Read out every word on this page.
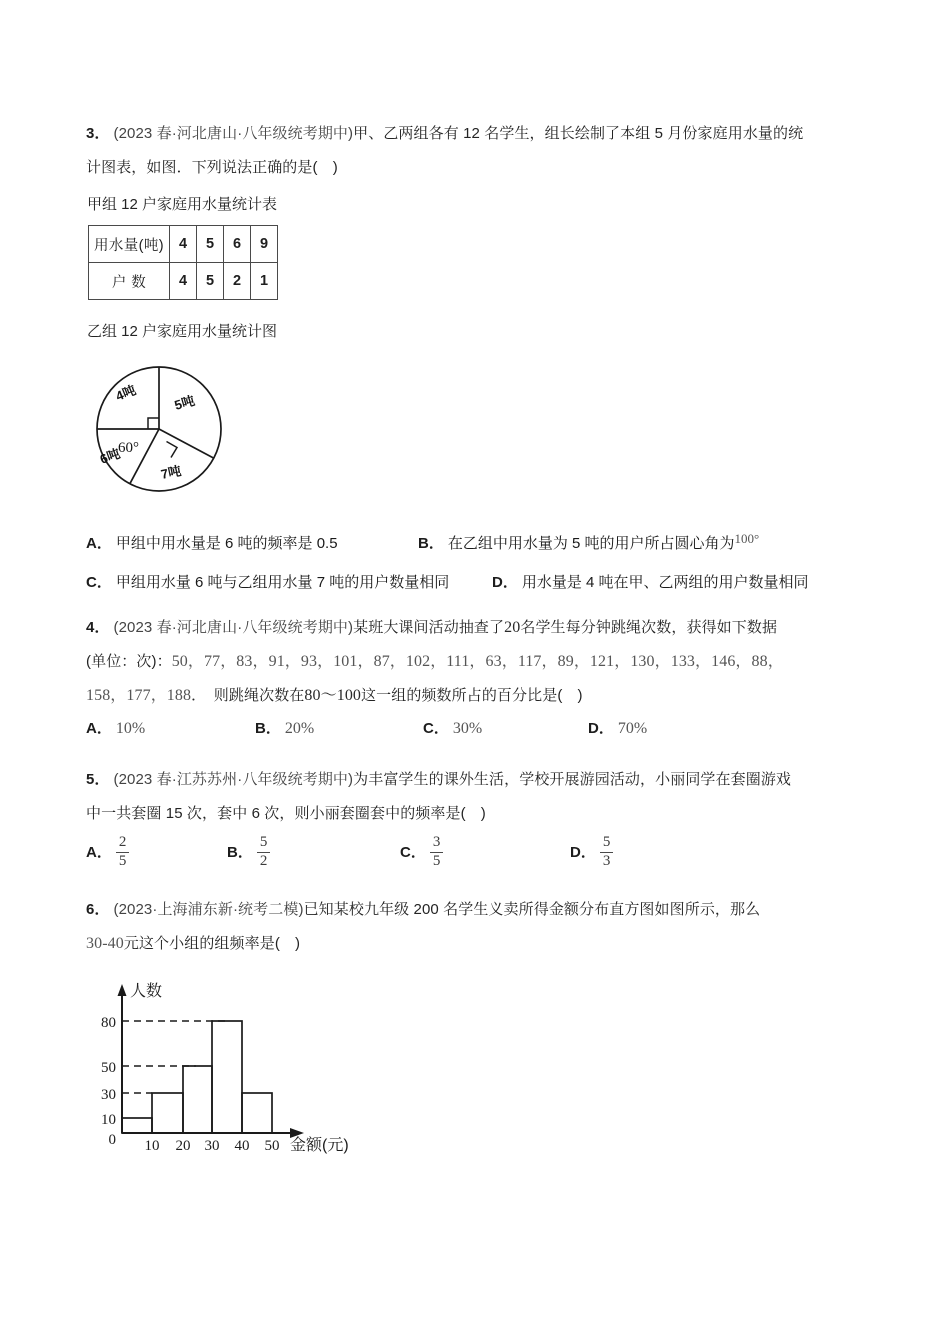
3． (2023 春·河北唐山·八年级统考期中)甲、乙两组各有 12 名学生，组长绘制了本组 5 月份家庭用水量的统
计图表，如图．下列说法正确的是(　)
甲组 12 户家庭用水量统计表
用水量(吨)	4	5	6	9
户 数	4	5	2	1
乙组 12 户家庭用水量统计图
4吨	5吨
7吨
6吨
60°
A． 甲组中用水量是 6 吨的频率是 0.5	B． 在乙组中用水量为 5 吨的用户所占圆心角为$^{100^\circ}$
C． 甲组用水量 6 吨与乙组用水量 7 吨的用户数量相同	D． 用水量是 4 吨在甲、乙两组的用户数量相同
4． (2023 春·河北唐山·八年级统考期中)某班大课间活动抽查了20名学生每分钟跳绳次数，获得如下数据
(单位：次)：50，77，83，91，93，101，87，102，111，63，117，89，121，130，133，146，88，
158，177，188．　则跳绳次数在80～100这一组的频数所占的百分比是(　)
A． 10%	B． 20%	C． 30%	D． 70%
5． (2023 春·江苏苏州·八年级统考期中)为丰富学生的课外生活，学校开展游园活动，小丽同学在套圈游戏
中一共套圈 15 次，套中 6 次，则小丽套圈套中的频率是(　)
A． $\frac{2}{5}$	B． $\frac{5}{2}$	C． $\frac{3}{5}$	D． $\frac{5}{3}$
6． (2023·上海浦东新·统考二模)已知某校九年级 200 名学生义卖所得金额分布直方图如图所示，那么
30-40元这个小组的组频率是(　)
80
50
30
10
0 10 20 30 40 50
人数
金额(元)
